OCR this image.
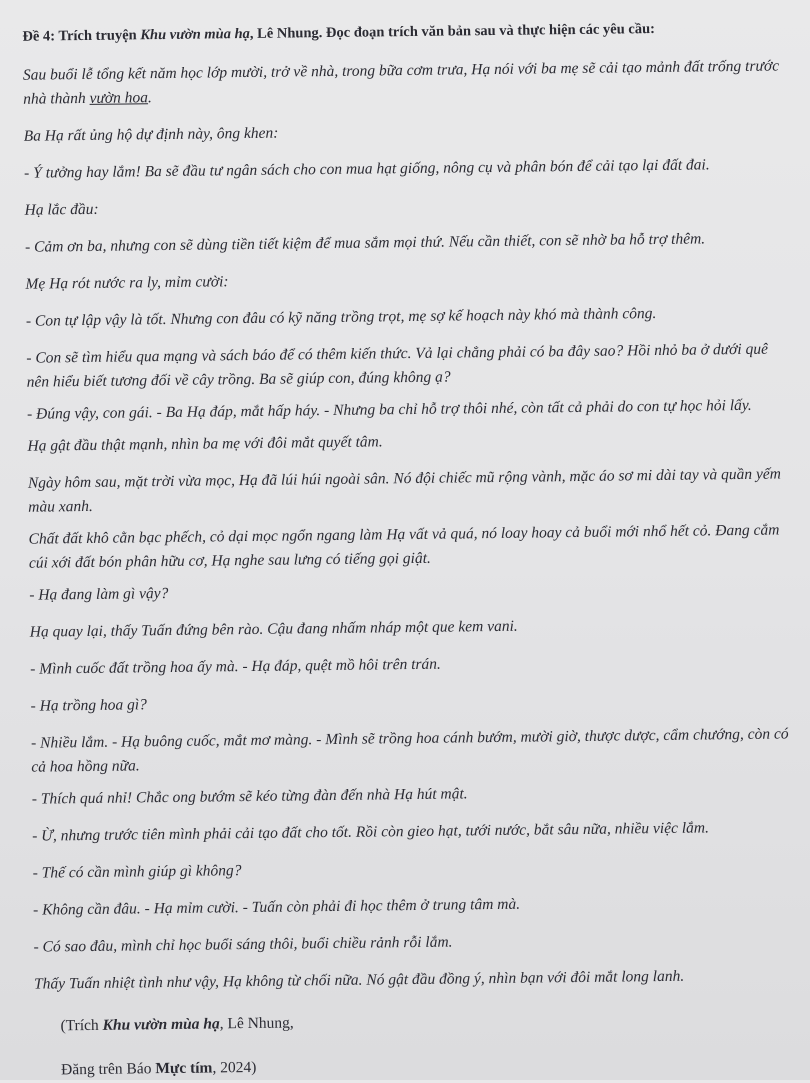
Đề 4: Trích truyện Khu vườn mùa hạ, Lê Nhung. Đọc đoạn trích văn bản sau và thực hiện các yêu cầu:
Sau buổi lễ tổng kết năm học lớp mười, trở về nhà, trong bữa cơm trưa, Hạ nói với ba mẹ sẽ cải tạo mảnh đất trống trước nhà thành vườn hoa.
Ba Hạ rất ủng hộ dự định này, ông khen:
- Ý tưởng hay lắm! Ba sẽ đầu tư ngân sách cho con mua hạt giống, nông cụ và phân bón để cải tạo lại đất đai.
Hạ lắc đầu:
- Cảm ơn ba, nhưng con sẽ dùng tiền tiết kiệm để mua sắm mọi thứ. Nếu cần thiết, con sẽ nhờ ba hỗ trợ thêm.
Mẹ Hạ rót nước ra ly, mỉm cười:
- Con tự lập vậy là tốt. Nhưng con đâu có kỹ năng trồng trọt, mẹ sợ kế hoạch này khó mà thành công.
- Con sẽ tìm hiểu qua mạng và sách báo để có thêm kiến thức. Vả lại chẳng phải có ba đây sao? Hồi nhỏ ba ở dưới quê nên hiểu biết tương đối về cây trồng. Ba sẽ giúp con, đúng không ạ?
- Đúng vậy, con gái. - Ba Hạ đáp, mắt hấp háy. - Nhưng ba chỉ hỗ trợ thôi nhé, còn tất cả phải do con tự học hỏi lấy.
Hạ gật đầu thật mạnh, nhìn ba mẹ với đôi mắt quyết tâm.
Ngày hôm sau, mặt trời vừa mọc, Hạ đã lúi húi ngoài sân. Nó đội chiếc mũ rộng vành, mặc áo sơ mi dài tay và quần yếm màu xanh.
Chất đất khô cằn bạc phếch, cỏ dại mọc ngổn ngang làm Hạ vất vả quá, nó loay hoay cả buổi mới nhổ hết cỏ. Đang cắm cúi xới đất bón phân hữu cơ, Hạ nghe sau lưng có tiếng gọi giật.
- Hạ đang làm gì vậy?
Hạ quay lại, thấy Tuấn đứng bên rào. Cậu đang nhấm nháp một que kem vani.
- Mình cuốc đất trồng hoa ấy mà. - Hạ đáp, quệt mồ hôi trên trán.
- Hạ trồng hoa gì?
- Nhiều lắm. - Hạ buông cuốc, mắt mơ màng. - Mình sẽ trồng hoa cánh bướm, mười giờ, thược dược, cẩm chướng, còn có cả hoa hồng nữa.
- Thích quá nhỉ! Chắc ong bướm sẽ kéo từng đàn đến nhà Hạ hút mật.
- Ừ, nhưng trước tiên mình phải cải tạo đất cho tốt. Rồi còn gieo hạt, tưới nước, bắt sâu nữa, nhiều việc lắm.
- Thế có cần mình giúp gì không?
- Không cần đâu. - Hạ mỉm cười. - Tuấn còn phải đi học thêm ở trung tâm mà.
- Có sao đâu, mình chỉ học buổi sáng thôi, buổi chiều rảnh rỗi lắm.
Thấy Tuấn nhiệt tình như vậy, Hạ không từ chối nữa. Nó gật đầu đồng ý, nhìn bạn với đôi mắt long lanh.
(Trích Khu vườn mùa hạ, Lê Nhung,
Đăng trên Báo Mực tím, 2024)
